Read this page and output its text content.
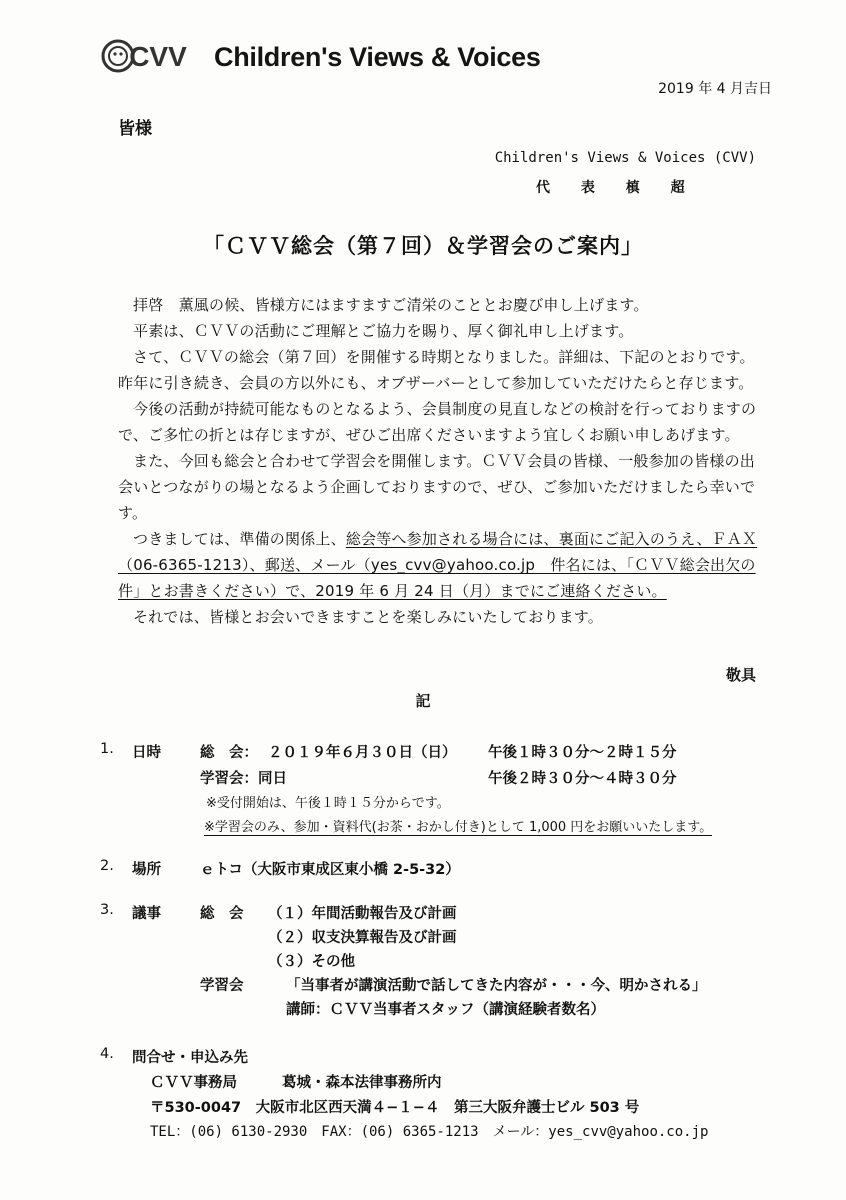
CVV Children's Views & Voices
2019 年 4 月吉日
皆様
Children's Views & Voices (CVV)
代 表 槙 超
「ＣＶＶ総会（第７回）＆学習会のご案内」

拝啓　薫風の候、皆様方にはますますご清栄のこととお慶び申し上げます。

平素は、ＣＶＶの活動にご理解とご協力を賜り、厚く御礼申し上げます。

さて、ＣＶＶの総会（第７回）を開催する時期となりました。詳細は、下記のとおりです。昨年に引き続き、会員の方以外にも、オブザーバーとして参加していただけたらと存じます。

今後の活動が持続可能なものとなるよう、会員制度の見直しなどの検討を行っておりますので、ご多忙の折とは存じますが、ぜひご出席くださいますよう宜しくお願い申しあげます。

また、今回も総会と合わせて学習会を開催します。ＣＶＶ会員の皆様、一般参加の皆様の出会いとつながりの場となるよう企画しておりますので、ぜひ、ご参加いただけましたら幸いです。

つきましては、準備の関係上、総会等へ参加される場合には、裏面にご記入のうえ、ＦＡＸ（06-6365-1213）、郵送、メール（yes_cvv@yahoo.co.jp　件名には、「ＣＶＶ総会出欠の件」とお書きください）で、2019 年 6 月 24 日（月）までにご連絡ください。

それでは、皆様とお会いできますことを楽しみにいたしております。

敬具
記
1. 日時	総　会： ２０１９年６月３０日（日） 午後１時３０分～２時１５分
学習会：同日	午後２時３０分～４時３０分
※受付開始は、午後１時１５分からです。
※学習会のみ、参加・資料代(お茶・おかし付き)として 1,000 円をお願いいたします。
2. 場所	ｅトコ（大阪市東成区東小橋 2-5-32）
3. 議事	総　会 （１）年間活動報告及び計画
（２）収支決算報告及び計画
（３）その他
学習会	「当事者が講演活動で話してきた内容が・・・今、明かされる」
講師：ＣＶＶ当事者スタッフ（講演経験者数名）
4. 問合せ・申込み先
ＣＶＶ事務局	葛城・森本法律事務所内
〒530-0047　大阪市北区西天満４−１−４　第三大阪弁護士ビル 503 号
TEL：(06) 6130-2930　FAX：(06) 6365-1213　メール：yes_cvv@yahoo.co.jp
